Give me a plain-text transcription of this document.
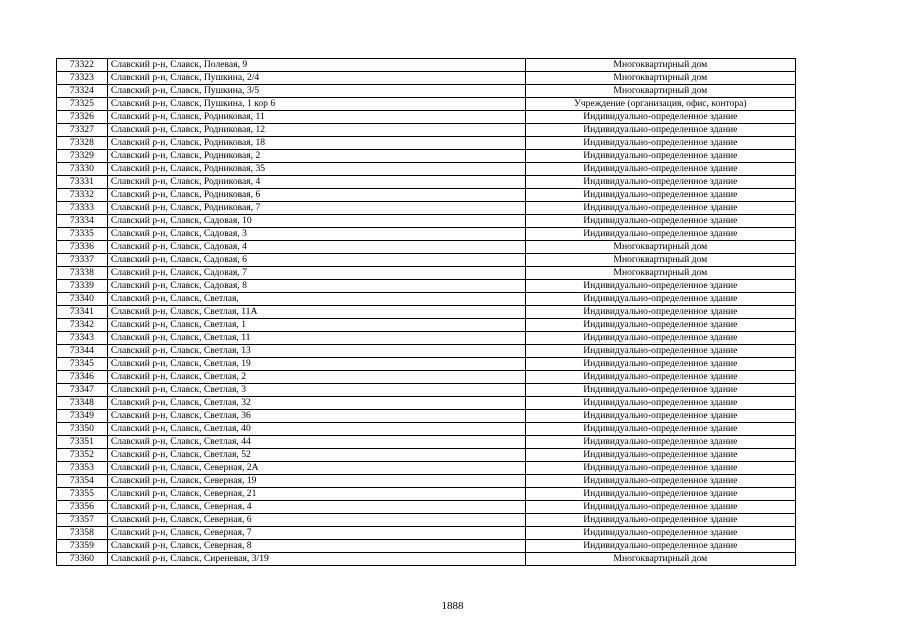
73322	Славский р-н, Славск, Полевая, 9	Многоквартирный дом
73323	Славский р-н, Славск, Пушкина, 2/4	Многоквартирный дом
73324	Славский р-н, Славск, Пушкина, 3/5	Многоквартирный дом
73325	Славский р-н, Славск, Пушкина, 1 кор 6	Учреждение (организация, офис, контора)
73326	Славский р-н, Славск, Родниковая, 11	Индивидуально-определенное здание
73327	Славский р-н, Славск, Родниковая, 12	Индивидуально-определенное здание
73328	Славский р-н, Славск, Родниковая, 18	Индивидуально-определенное здание
73329	Славский р-н, Славск, Родниковая, 2	Индивидуально-определенное здание
73330	Славский р-н, Славск, Родниковая, 35	Индивидуально-определенное здание
73331	Славский р-н, Славск, Родниковая, 4	Индивидуально-определенное здание
73332	Славский р-н, Славск, Родниковая, 6	Индивидуально-определенное здание
73333	Славский р-н, Славск, Родниковая, 7	Индивидуально-определенное здание
73334	Славский р-н, Славск, Садовая, 10	Индивидуально-определенное здание
73335	Славский р-н, Славск, Садовая, 3	Индивидуально-определенное здание
73336	Славский р-н, Славск, Садовая, 4	Многоквартирный дом
73337	Славский р-н, Славск, Садовая, 6	Многоквартирный дом
73338	Славский р-н, Славск, Садовая, 7	Многоквартирный дом
73339	Славский р-н, Славск, Садовая, 8	Индивидуально-определенное здание
73340	Славский р-н, Славск, Светлая,	Индивидуально-определенное здание
73341	Славский р-н, Славск, Светлая, 11А	Индивидуально-определенное здание
73342	Славский р-н, Славск, Светлая, 1	Индивидуально-определенное здание
73343	Славский р-н, Славск, Светлая, 11	Индивидуально-определенное здание
73344	Славский р-н, Славск, Светлая, 13	Индивидуально-определенное здание
73345	Славский р-н, Славск, Светлая, 19	Индивидуально-определенное здание
73346	Славский р-н, Славск, Светлая, 2	Индивидуально-определенное здание
73347	Славский р-н, Славск, Светлая, 3	Индивидуально-определенное здание
73348	Славский р-н, Славск, Светлая, 32	Индивидуально-определенное здание
73349	Славский р-н, Славск, Светлая, 36	Индивидуально-определенное здание
73350	Славский р-н, Славск, Светлая, 40	Индивидуально-определенное здание
73351	Славский р-н, Славск, Светлая, 44	Индивидуально-определенное здание
73352	Славский р-н, Славск, Светлая, 52	Индивидуально-определенное здание
73353	Славский р-н, Славск, Северная, 2А	Индивидуально-определенное здание
73354	Славский р-н, Славск, Северная, 19	Индивидуально-определенное здание
73355	Славский р-н, Славск, Северная, 21	Индивидуально-определенное здание
73356	Славский р-н, Славск, Северная, 4	Индивидуально-определенное здание
73357	Славский р-н, Славск, Северная, 6	Индивидуально-определенное здание
73358	Славский р-н, Славск, Северная, 7	Индивидуально-определенное здание
73359	Славский р-н, Славск, Северная, 8	Индивидуально-определенное здание
73360	Славский р-н, Славск, Сиреневая, 3/19	Многоквартирный дом
1888
